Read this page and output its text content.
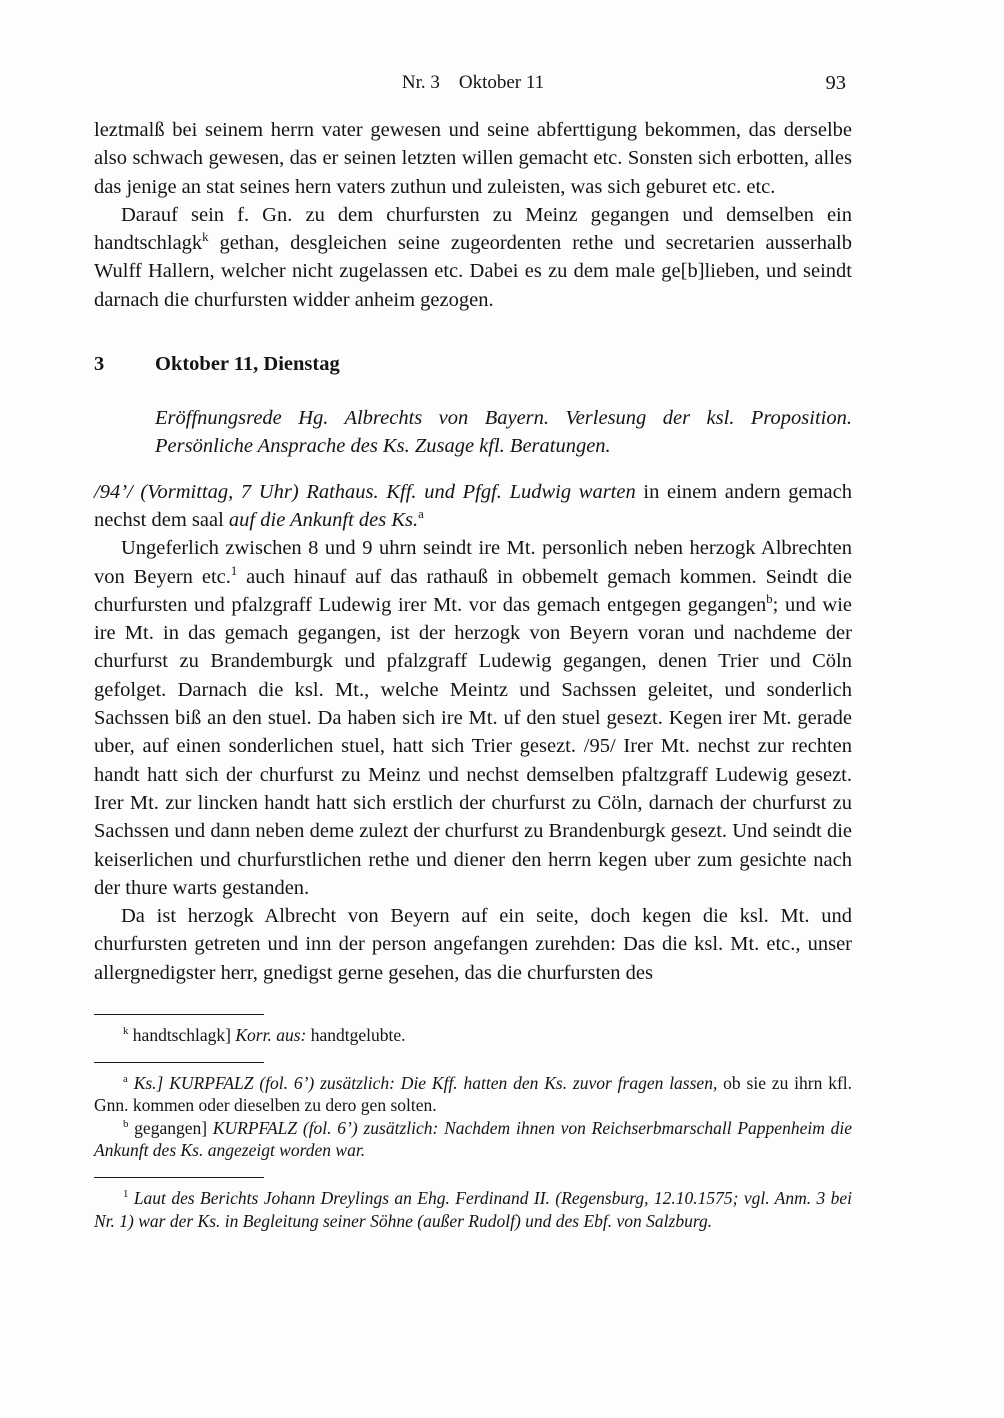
Nr. 3  Oktober 11	93

leztmalß bei seinem herrn vater gewesen und seine abferttigung bekommen, das derselbe also schwach gewesen, das er seinen letzten willen gemacht etc. Sonsten sich erbotten, alles das jenige an stat seines hern vaters zuthun und zuleisten, was sich geburet etc. etc.

Darauf sein f. Gn. zu dem churfursten zu Meinz gegangen und demselben ein handtschlagk$^k$ gethan, desgleichen seine zugeordenten rethe und secretarien ausserhalb Wulff Hallern, welcher nicht zugelassen etc. Dabei es zu dem male ge[b]lieben, und seindt darnach die churfursten widder anheim gezogen.

3	Oktober 11, Dienstag

Eröffnungsrede Hg. Albrechts von Bayern. Verlesung der ksl. Proposition. Persönliche Ansprache des Ks. Zusage kfl. Beratungen.

/94’/ (Vormittag, 7 Uhr) Rathaus. Kff. und Pfgf. Ludwig warten in einem andern gemach nechst dem saal auf die Ankunft des Ks.$^a$

Ungeferlich zwischen 8 und 9 uhrn seindt ire Mt. personlich neben herzogk Albrechten von Beyern etc.$^1$ auch hinauf auf das rathauß in obbemelt gemach kommen. Seindt die churfursten und pfalzgraff Ludewig irer Mt. vor das gemach entgegen gegangen$^b$; und wie ire Mt. in das gemach gegangen, ist der herzogk von Beyern voran und nachdeme der churfurst zu Brandemburgk und pfalzgraff Ludewig gegangen, denen Trier und Cöln gefolget. Darnach die ksl. Mt., welche Meintz und Sachssen geleitet, und sonderlich Sachssen biß an den stuel. Da haben sich ire Mt. uf den stuel gesezt. Kegen irer Mt. gerade uber, auf einen sonderlichen stuel, hatt sich Trier gesezt. /95/ Irer Mt. nechst zur rechten handt hatt sich der churfurst zu Meinz und nechst demselben pfaltzgraff Ludewig gesezt. Irer Mt. zur lincken handt hatt sich erstlich der churfurst zu Cöln, darnach der churfurst zu Sachssen und dann neben deme zulezt der churfurst zu Brandenburgk gesezt. Und seindt die keiserlichen und churfurstlichen rethe und diener den herrn kegen uber zum gesichte nach der thure warts gestanden.

Da ist herzogk Albrecht von Beyern auf ein seite, doch kegen die ksl. Mt. und churfursten getreten und inn der person angefangen zurehden: Das die ksl. Mt. etc., unser allergnedigster herr, gnedigst gerne gesehen, das die churfursten des

$^k$ handtschlagk] Korr. aus: handtgelubte.

$^a$ Ks.] KURPFALZ (fol. 6’) zusätzlich: Die Kff. hatten den Ks. zuvor fragen lassen, ob sie zu ihrn kfl. Gnn. kommen oder dieselben zu dero gen solten.

$^b$ gegangen] KURPFALZ (fol. 6’) zusätzlich: Nachdem ihnen von Reichserbmarschall Pappenheim die Ankunft des Ks. angezeigt worden war.

$^1$ Laut des Berichts Johann Dreylings an Ehg. Ferdinand II. (Regensburg, 12.10.1575; vgl. Anm. 3 bei Nr. 1) war der Ks. in Begleitung seiner Söhne (außer Rudolf) und des Ebf. von Salzburg.
